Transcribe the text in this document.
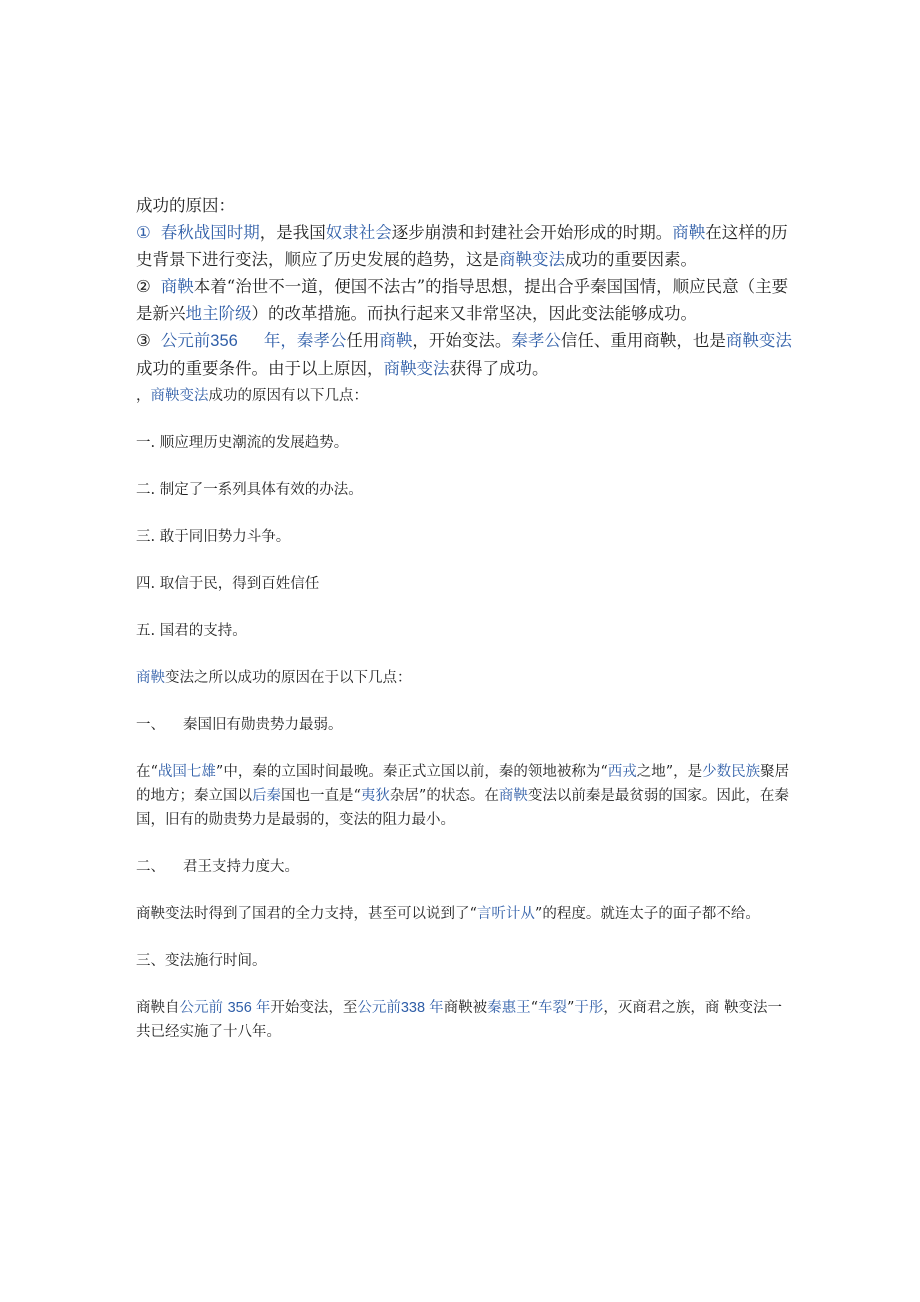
成功的原因：

① 春秋战国时期，是我国奴隶社会逐步崩溃和封建社会开始形成的时期。商鞅在这样的历史背景下进行变法，顺应了历史发展的趋势，这是商鞅变法成功的重要因素。

② 商鞅本着“治世不一道，便国不法古”的指导思想，提出合乎秦国国情，顺应民意（主要是新兴地主阶级）的改革措施。而执行起来又非常坚决，因此变法能够成功。

③ 公元前356 年，秦孝公任用商鞅，开始变法。秦孝公信任、重用商鞅，也是商鞅变法成功的重要条件。由于以上原因，商鞅变法获得了成功。

，商鞅变法成功的原因有以下几点：

一. 顺应理历史潮流的发展趋势。

二. 制定了一系列具体有效的办法。

三. 敢于同旧势力斗争。

四. 取信于民，得到百姓信任

五. 国君的支持。

商鞅变法之所以成功的原因在于以下几点：

一、 秦国旧有勋贵势力最弱。

在“战国七雄”中，秦的立国时间最晚。秦正式立国以前，秦的领地被称为“西戎之地”，是少数民族聚居的地方；秦立国以后秦国也一直是“夷狄杂居”的状态。在商鞅变法以前秦是最贫弱的国家。因此，在秦国，旧有的勋贵势力是最弱的，变法的阻力最小。

二、 君王支持力度大。

商鞅变法时得到了国君的全力支持，甚至可以说到了“言听计从”的程度。就连太子的面子都不给。

三、变法施行时间。

商鞅自公元前 356 年开始变法，至公元前338 年商鞅被秦惠王“车裂”于彤，灭商君之族，商 鞅变法一共已经实施了十八年。
